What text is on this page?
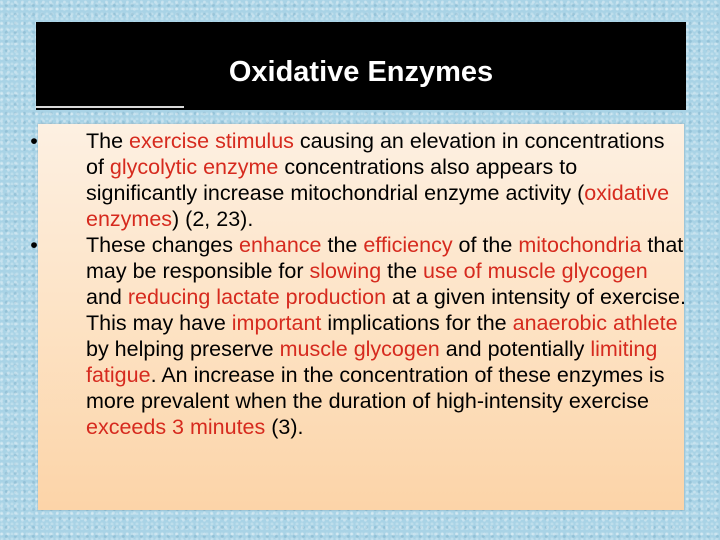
Oxidative Enzymes
• The exercise stimulus causing an elevation in concentrations of glycolytic enzyme concentrations also appears to significantly increase mitochondrial enzyme activity (oxidative enzymes) (2, 23).
• These changes enhance the efficiency of the mitochondria that may be responsible for slowing the use of muscle glycogen and reducing lactate production at a given intensity of exercise. This may have important implications for the anaerobic athlete by helping preserve muscle glycogen and potentially limiting fatigue. An increase in the concentration of these enzymes is more prevalent when the duration of high-intensity exercise exceeds 3 minutes (3).
